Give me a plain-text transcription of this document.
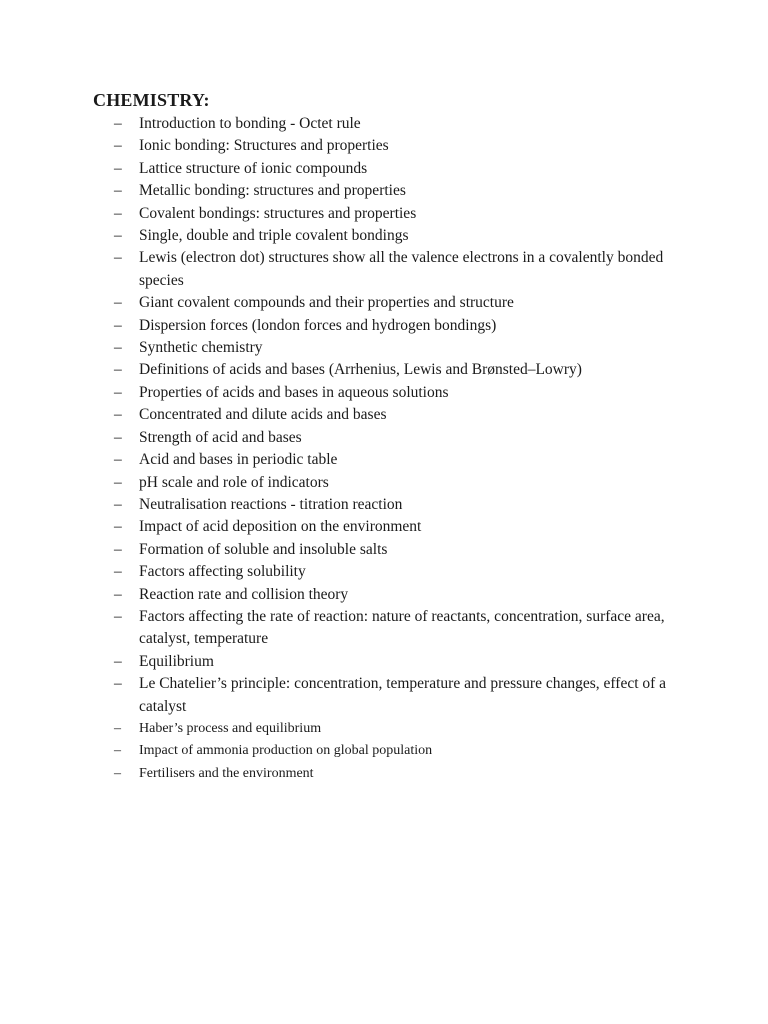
CHEMISTRY:
–	Introduction to bonding - Octet rule
–	Ionic bonding: Structures and properties
–	Lattice structure of ionic compounds
–	Metallic bonding: structures and properties
–	Covalent bondings: structures and properties
–	Single, double and triple covalent bondings
–	Lewis (electron dot) structures show all the valence electrons in a covalently bonded species
–	Giant covalent compounds and their properties and structure
–	Dispersion forces (london forces and hydrogen bondings)
–	Synthetic chemistry
–	Definitions of acids and bases (Arrhenius, Lewis and Brønsted–Lowry)
–	Properties of acids and bases in aqueous solutions
–	Concentrated and dilute acids and bases
–	Strength of acid and bases
–	Acid and bases in periodic table
–	pH scale and role of indicators
–	Neutralisation reactions - titration reaction
–	Impact of acid deposition on the environment
–	Formation of soluble and insoluble salts
–	Factors affecting solubility
–	Reaction rate and collision theory
–	Factors affecting the rate of reaction: nature of reactants, concentration, surface area, catalyst, temperature
–	Equilibrium
–	Le Chatelier’s principle: concentration, temperature and pressure changes, effect of a catalyst
–	Haber’s process and equilibrium
–	Impact of ammonia production on global population
–	Fertilisers and the environment
